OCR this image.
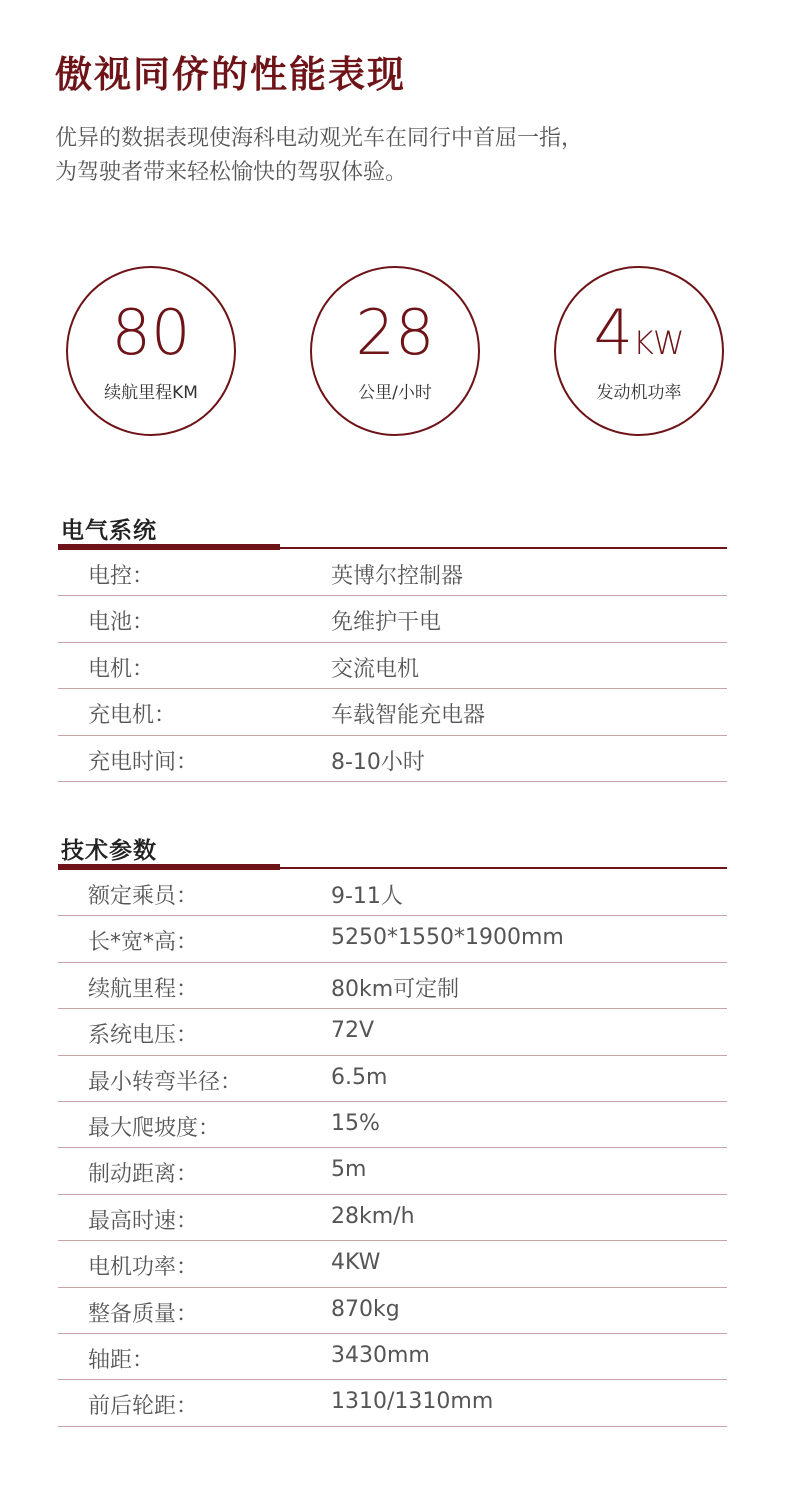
傲视同侪的性能表现
优异的数据表现使海科电动观光车在同行中首屈一指，
为驾驶者带来轻松愉快的驾驭体验。
80
续航里程KM
28
公里/小时
4KW
发动机功率
电气系统
电控：	英博尔控制器
电池：	免维护干电
电机：	交流电机
充电机：	车载智能充电器
充电时间：	8-10小时
技术参数
额定乘员：	9-11人
长*宽*高：	5250*1550*1900mm
续航里程：	80km可定制
系统电压：	72V
最小转弯半径：	6.5m
最大爬坡度：	15%
制动距离：	5m
最高时速：	28km/h
电机功率：	4KW
整备质量：	870kg
轴距：	3430mm
前后轮距：	1310/1310mm
